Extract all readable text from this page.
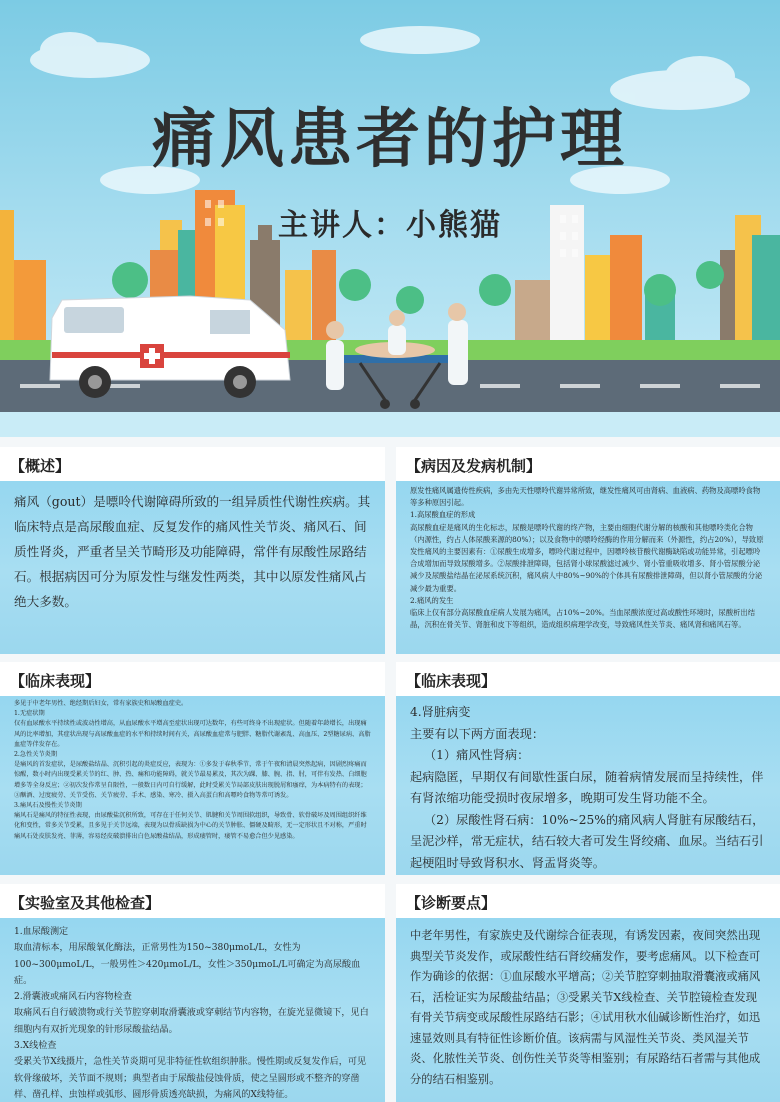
痛风患者的护理
主讲人：小熊猫
【概述】

痛风（gout）是嘌呤代谢障碍所致的一组异质性代谢性疾病。其临床特点是高尿酸血症、反复发作的痛风性关节炎、痛风石、间质性肾炎，严重者呈关节畸形及功能障碍，常伴有尿酸性尿路结石。根据病因可分为原发性与继发性两类，其中以原发性痛风占绝大多数。

【病因及发病机制】

原发性痛风属遗传性疾病，多由先天性嘌呤代谢异常所致，继发性痛风可由肾病、血液病、药物及高嘌呤食物等多种原因引起。

1.高尿酸血症的形成

高尿酸血症是痛风的生化标志，尿酸是嘌呤代谢的终产物，主要由细胞代谢分解的核酸和其他嘌呤类化合物（内源性，约占人体尿酸来源的80%）；以及食物中的嘌呤经酶的作用分解而来（外源性，约占20%），导致原发性痛风的主要因素有：①尿酸生成增多，嘌呤代谢过程中，因嘌呤核苷酸代谢酶缺陷或功能异常，引起嘌呤合成增加而导致尿酸增多。②尿酸排泄障碍，包括肾小球尿酸滤过减少、肾小管重吸收增多、肾小管尿酸分泌减少及尿酸盐结晶在泌尿系统沉积，痛风病人中80%~90%的个体具有尿酸排泄障碍，但以肾小管尿酸的分泌减少最为重要。

2.痛风的发生

临床上仅有部分高尿酸血症病人发展为痛风，占10%~20%。当血尿酸浓度过高或酸性环境时，尿酸析出结晶，沉积在骨关节、肾脏和皮下等组织，造成组织病理学改变，导致痛风性关节炎、痛风肾和痛风石等。

【临床表现】

多见于中老年男性、绝经期后妇女，常有家族史和尿酸血症史。

1.无症状期

仅有血尿酸水平持续性或波动性增高，从血尿酸水平增高至症状出现可达数年，有些可终身不出现症状。但随着年龄增长，出现痛风的比率增加，其症状出现与高尿酸血症的水平和持续时间有关，高尿酸血症常与肥胖、糖脂代谢紊乱、高血压、2型糖尿病、高脂血症等伴发存在。

2.急性关节炎期

是痛风的首发症状，是尿酸盐结晶、沉积引起的炎症反应，表现为：①多发于春秋季节，常于午夜和清晨突然起病，因剧烈疼痛而惊醒，数小时内出现受累关节的红、肿、热、痛和功能障碍，就关节最易累及，其次为踝、膝、腕、指、肘，可伴有发热、白细胞增多等全身反应；②初次发作常呈自限性，一般数日内可自行缓解，此时受累关节局部皮肤出现脱屑和瘙痒，为本病特有的表现；③酗酒、过度疲劳、关节受伤、关节疲劳、手术、感染、寒冷、摄入高蛋白和高嘌呤食物等常可诱发。

3.痛风石及慢性关节炎期

痛风石是痛风的特征性表现，由尿酸盐沉积所致，可存在于任何关节、肌腱和关节周围软组织，导致骨、软骨破坏及周围组织纤维化和变性，常多关节受累，且多见于关节远端，表现为以骨质缺损为中心的关节肿胀、僵硬及畸形，无一定形状且不对称，严重时痛风石处皮肤发亮、菲薄，容易经皮破溃排出白色尿酸盐结晶，形成瘘管时，瘘管不易愈合但少见感染。

【临床表现】

4.肾脏病变

主要有以下两方面表现：

（1）痛风性肾病：

起病隐匿，早期仅有间歇性蛋白尿，随着病情发展而呈持续性，伴有肾浓缩功能受损时夜尿增多，晚期可发生肾功能不全。

（2）尿酸性肾石病：10%~25%的痛风病人肾脏有尿酸结石，呈泥沙样，常无症状，结石较大者可发生肾绞痛、血尿。当结石引起梗阻时导致肾积水、肾盂肾炎等。

【实验室及其他检查】

1.血尿酸测定

取血清标本，用尿酸氧化酶法，正常男性为150~380μmoL/L，女性为100~300μmoL/L，一般男性＞420μmoL/L，女性＞350μmoL/L可确定为高尿酸血症。

2.滑囊液或痛风石内容物检查

取痛风石自行破溃物或行关节腔穿刺取滑囊液或穿刺结节内容物，在旋光显微镜下，见白细胞内有双折光现象的针形尿酸盐结晶。

3.X线检查

受累关节X线摄片，急性关节炎期可见非特征性软组织肿胀。慢性期或反复发作后，可见软骨缘破坏，关节面不规则；典型者由于尿酸盐侵蚀骨质，使之呈圆形或不整齐的穿凿样、凿孔样、虫蚀样或弧形、圆形骨质透亮缺损，为痛风的X线特征。

【诊断要点】

中老年男性，有家族史及代谢综合征表现，有诱发因素，夜间突然出现典型关节炎发作，或尿酸性结石肾绞痛发作，要考虑痛风。以下检查可作为确诊的依据：①血尿酸水平增高；②关节腔穿刺抽取滑囊液或痛风石，活检证实为尿酸盐结晶；③受累关节X线检查、关节腔镜检查发现有骨关节病变或尿酸性尿路结石影；④试用秋水仙碱诊断性治疗，如迅速显效则具有特征性诊断价值。该病需与风湿性关节炎、类风湿关节炎、化脓性关节炎、创伤性关节炎等相鉴别；有尿路结石者需与其他成分的结石相鉴别。
